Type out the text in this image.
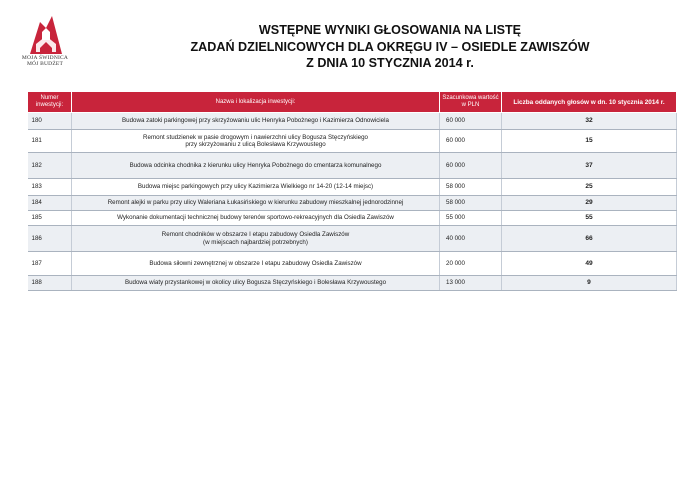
MOJA ŚWIDNICA
MÓJ BUDŻET
WSTĘPNE WYNIKI GŁOSOWANIA NA LISTĘ
ZADAŃ DZIELNICOWYCH DLA OKRĘGU IV – OSIEDLE ZAWISZÓW
Z DNIA 10 STYCZNIA 2014 r.
Numer inwestycji:	Nazwa i lokalizacja inwestycji:	Szacunkowa wartość w PLN	Liczba oddanych głosów w dn. 10 stycznia 2014 r.
180	Budowa zatoki parkingowej przy skrzyżowaniu ulic Henryka Pobożnego i Kazimierza Odnowiciela	60 000	32
181	Remont studzienek w pasie drogowym i nawierzchni ulicy Bogusza Stęczyńskiego
przy skrzyżowaniu z ulicą Bolesława Krzywoustego	60 000	15
182	Budowa odcinka chodnika z kierunku ulicy Henryka Pobożnego do cmentarza komunalnego	60 000	37
183	Budowa miejsc parkingowych przy ulicy Kazimierza Wielkiego nr 14-20 (12-14 miejsc)	58 000	25
184	Remont alejki w parku przy ulicy Waleriana Łukasińskiego w kierunku zabudowy mieszkalnej jednorodzinnej	58 000	29
185	Wykonanie dokumentacji technicznej budowy terenów sportowo-rekreacyjnych dla Osiedla Zawiszów	55 000	55
186	Remont chodników w obszarze I etapu zabudowy Osiedla Zawiszów
(w miejscach najbardziej potrzebnych)	40 000	66
187	Budowa siłowni zewnętrznej w obszarze I etapu zabudowy Osiedla Zawiszów	20 000	49
188	Budowa wiaty przystankowej w okolicy ulicy Bogusza Stęczyńskiego i Bolesława Krzywoustego	13 000	9
